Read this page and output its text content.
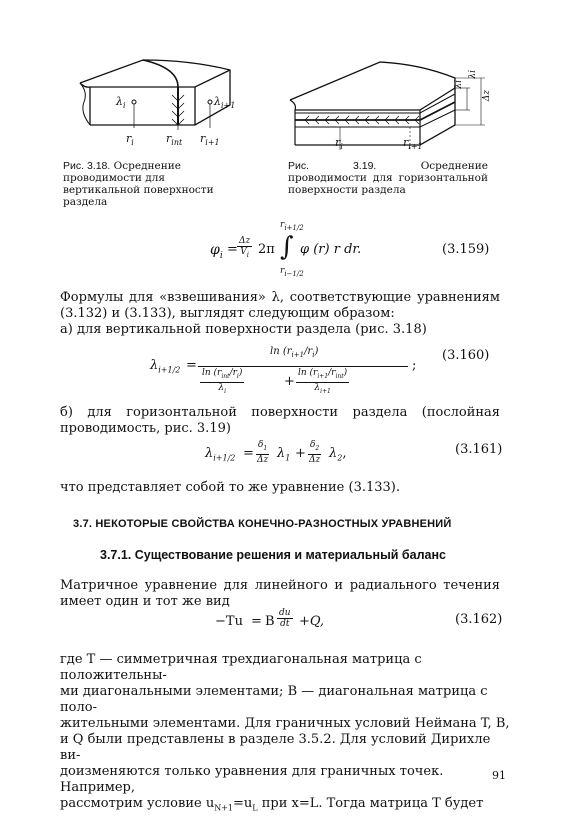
$\lambda_i$	$\lambda_{i+1}$
$r_i$	$r_{int}$ $r_{i+1}$
Рис. 3.18. Осреднение проводимости для вертикальной поверхности раздела
λi
λi
Δz
$r_i$	$r_{i+1}$
Рис. 3.19.	Осреднение проводимости для горизонтальной поверхности раздела
$\varphi_i = \frac{\Delta z}{V_i} 2\pi$ ∫
$r_{i+1/2}$
$r_{i-1/2}$
φ (r) r dr.	(3.159)
Формулы для «взвешивания» λ, соответствующие уравнениям (3.132) и (3.133), выглядят следующим образом:
а) для вертикальной поверхности раздела (рис. 3.18)
$\lambda_{i+1/2}$ =
$\ln (r_{i+1}/r_i)$
$\ln (r_{int}/r_i)$
$\lambda_i$
+
$\ln (r_{i+1}/r_{int})$
$\lambda_{i+1}$
;
(3.160)
б) для горизонтальной поверхности раздела (послойная проводимость, рис. 3.19)
$\lambda_{i+1/2} = \frac{\delta_1}{\Delta z} \lambda_1 + \frac{\delta_2}{\Delta z} \lambda_2$,	(3.161)
что представляет собой то же уравнение (3.133).
3.7. НЕКОТОРЫЕ СВОЙСТВА КОНЕЧНО-РАЗНОСТНЫХ УРАВНЕНИЙ
3.7.1. Существование решения и материальный баланс
Матричное уравнение для линейного и радиального течения имеет один и тот же вид
−Tu = B $\frac{du}{dt} +Q$,	(3.162)
где T — симметричная трехдиагональная матрица с положительны-
ми диагональными элементами; B — диагональная матрица с поло-
жительными элементами. Для граничных условий Неймана T, B,
и Q были представлены в разделе 3.5.2. Для условий Дирихле ви-
доизменяются только уравнения для граничных точек. Например,
рассмотрим условие $u_{N+1}=u_L$ при x=L. Тогда матрица T будет
91
